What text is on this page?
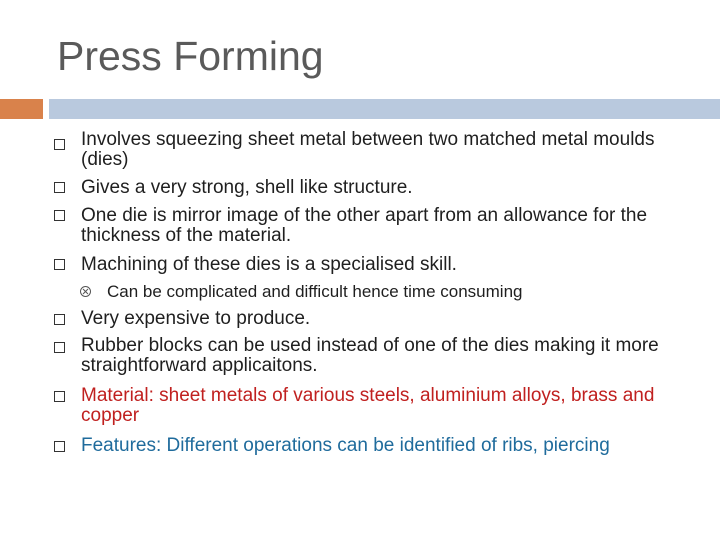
Press Forming
Involves squeezing sheet metal between two matched metal moulds (dies)
Gives a very strong, shell like structure.
One die is mirror image of the other apart from an allowance for the thickness of the material.
Machining of these dies is a specialised skill.
Can be complicated and difficult hence time consuming
Very expensive to produce.
Rubber blocks can be used instead of one of the dies making it more straightforward applicaitons.
Material: sheet metals of various steels, aluminium alloys, brass and copper
Features: Different operations can be identified of ribs, piercing
